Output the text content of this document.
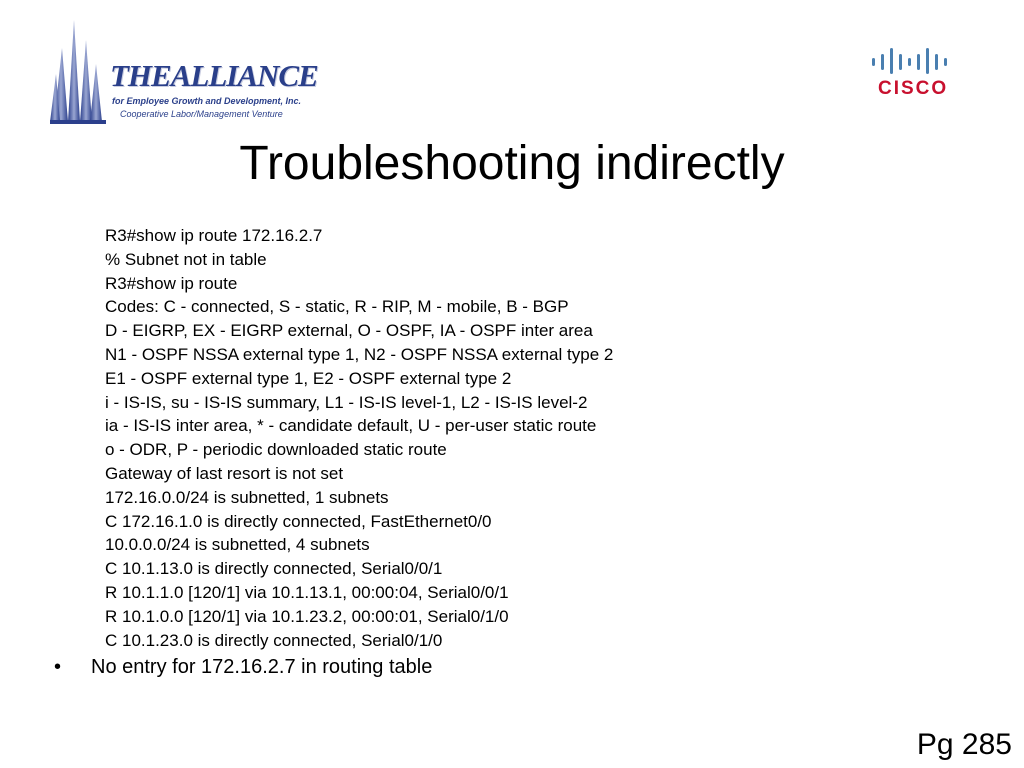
THEALLIANCE
for Employee Growth and Development, Inc.
Cooperative Labor/Management Venture
CISCO
Troubleshooting indirectly
R3#show ip route 172.16.2.7
% Subnet not in table
R3#show ip route
Codes: C - connected, S - static, R - RIP, M - mobile, B - BGP
D - EIGRP, EX - EIGRP external, O - OSPF, IA - OSPF inter area
N1 - OSPF NSSA external type 1, N2 - OSPF NSSA external type 2
E1 - OSPF external type 1, E2 - OSPF external type 2
i - IS-IS, su - IS-IS summary, L1 - IS-IS level-1, L2 - IS-IS level-2
ia - IS-IS inter area, * - candidate default, U - per-user static route
o - ODR, P - periodic downloaded static route
Gateway of last resort is not set
172.16.0.0/24 is subnetted, 1 subnets
C 172.16.1.0 is directly connected, FastEthernet0/0
10.0.0.0/24 is subnetted, 4 subnets
C 10.1.13.0 is directly connected, Serial0/0/1
R 10.1.1.0 [120/1] via 10.1.13.1, 00:00:04, Serial0/0/1
R 10.1.0.0 [120/1] via 10.1.23.2, 00:00:01, Serial0/1/0
C 10.1.23.0 is directly connected, Serial0/1/0
• No entry for 172.16.2.7 in routing table
Pg 285
